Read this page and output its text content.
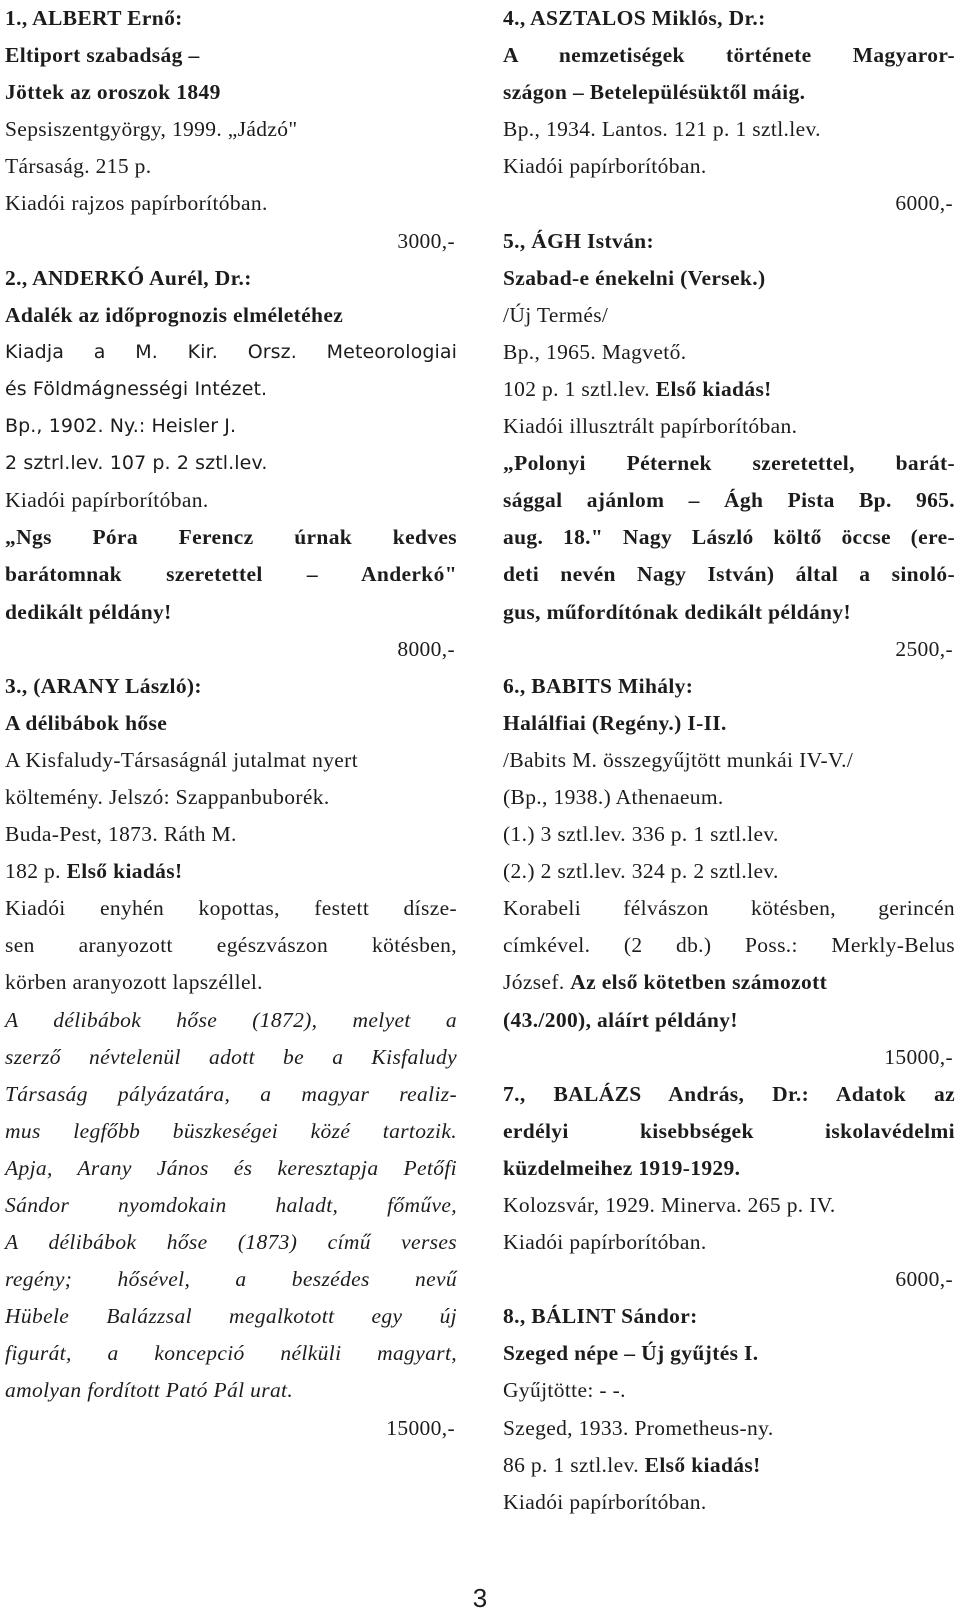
1., ALBERT Ernő:
Eltiport szabadság –
Jöttek az oroszok 1849
Sepsiszentgyörgy, 1999. „Jádzó"
Társaság. 215 p.
Kiadói rajzos papírborítóban.
3000,-
2., ANDERKÓ Aurél, Dr.:
Adalék az időprognozis elméletéhez
Kiadja a M. Kir. Orsz. Meteorologiai
és Földmágnességi Intézet.
Bp., 1902. Ny.: Heisler J.
2 sztrl.lev. 107 p. 2 sztl.lev.
Kiadói papírborítóban.
„Ngs Póra Ferencz úrnak kedves
barátomnak szeretettel – Anderkó"
dedikált példány!
8000,-
3., (ARANY László):
A délibábok hőse
A Kisfaludy-Társaságnál jutalmat nyert
költemény. Jelszó: Szappanbuborék.
Buda-Pest, 1873. Ráth M.
182 p. Első kiadás!
Kiadói enyhén kopottas, festett dísze-
sen aranyozott egészvászon kötésben,
körben aranyozott lapszéllel.
A délibábok hőse (1872), melyet a
szerző névtelenül adott be a Kisfaludy
Társaság pályázatára, a magyar realiz-
mus legfőbb büszkeségei közé tartozik.
Apja, Arany János és keresztapja Petőfi
Sándor nyomdokain haladt, főműve,
A délibábok hőse (1873) című verses
regény; hősével, a beszédes nevű
Hübele Balázzsal megalkotott egy új
figurát, a koncepció nélküli magyart,
amolyan fordított Pató Pál urat.
15000,-
4., ASZTALOS Miklós, Dr.:
A nemzetiségek története Magyaror-
szágon – Betelepülésüktől máig.
Bp., 1934. Lantos. 121 p. 1 sztl.lev.
Kiadói papírborítóban.
6000,-
5., ÁGH István:
Szabad-e énekelni (Versek.)
/Új Termés/
Bp., 1965. Magvető.
102 p. 1 sztl.lev. Első kiadás!
Kiadói illusztrált papírborítóban.
„Polonyi Péternek szeretettel, barát-
sággal ajánlom – Ágh Pista Bp. 965.
aug. 18." Nagy László költő öccse (ere-
deti nevén Nagy István) által a sinoló-
gus, műfordítónak dedikált példány!
2500,-
6., BABITS Mihály:
Halálfiai (Regény.) I-II.
/Babits M. összegyűjtött munkái IV-V./
(Bp., 1938.) Athenaeum.
(1.) 3 sztl.lev. 336 p. 1 sztl.lev.
(2.) 2 sztl.lev. 324 p. 2 sztl.lev.
Korabeli félvászon kötésben, gerincén
címkével. (2 db.) Poss.: Merkly-Belus
József. Az első kötetben számozott
(43./200), aláírt példány!
15000,-
7., BALÁZS András, Dr.: Adatok az
erdélyi kisebbségek iskolavédelmi
küzdelmeihez 1919-1929.
Kolozsvár, 1929. Minerva. 265 p. IV.
Kiadói papírborítóban.
6000,-
8., BÁLINT Sándor:
Szeged népe – Új gyűjtés I.
Gyűjtötte: - -.
Szeged, 1933. Prometheus-ny.
86 p. 1 sztl.lev. Első kiadás!
Kiadói papírborítóban.
3
